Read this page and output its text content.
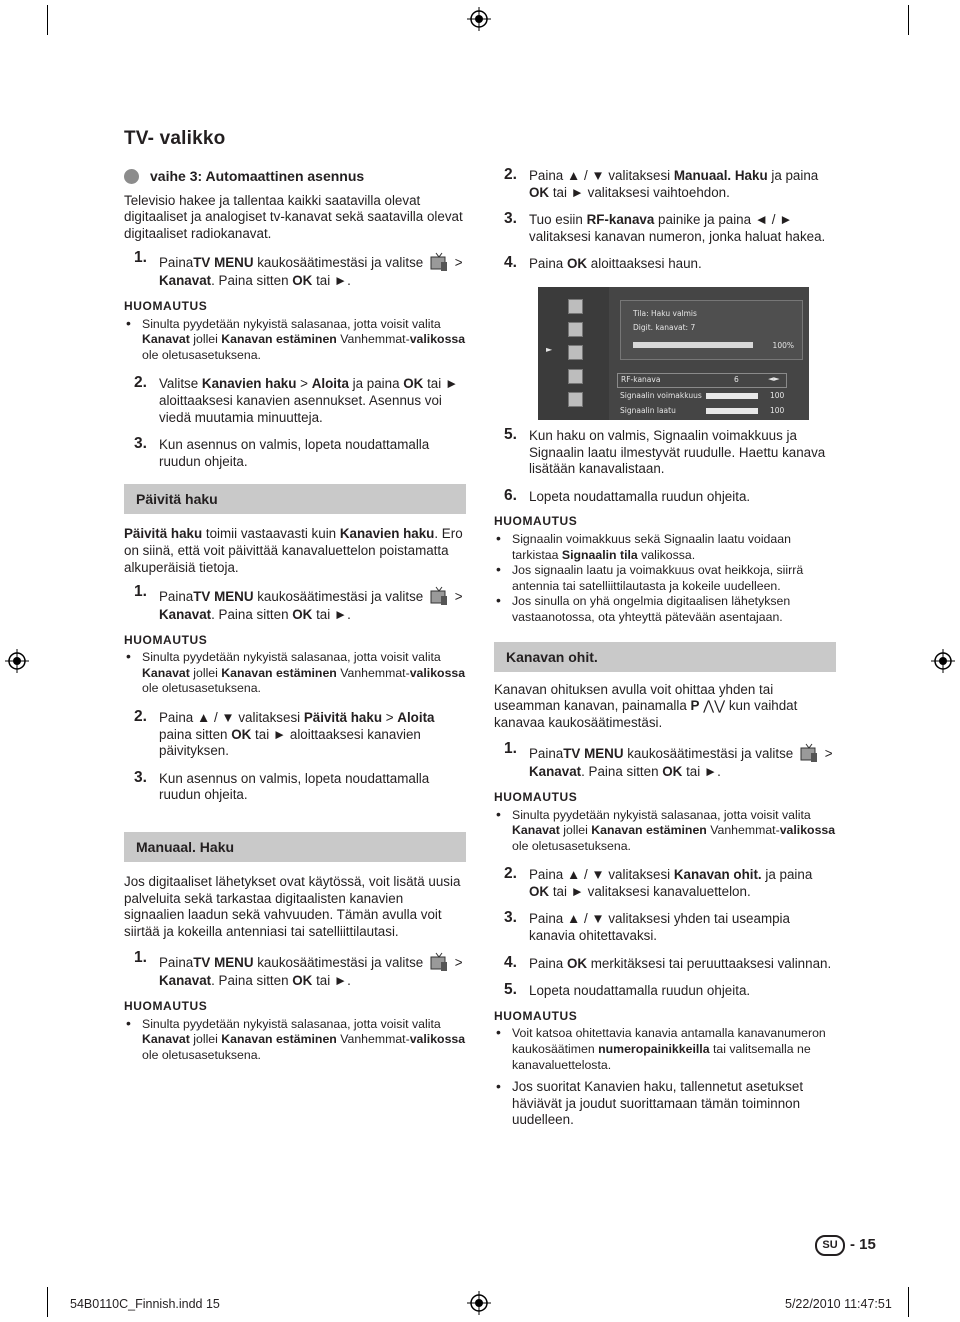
TV- valikko

vaihe 3: Automaattinen asennus

Televisio hakee ja tallentaa kaikki saatavilla olevat digitaaliset ja analogiset tv-kanavat sekä saatavilla olevat digitaaliset radiokanavat.

1. PainaTV MENU kaukosäätimestäsi ja valitse >
Kanavat. Paina sitten OK tai ►.

HUOMAUTUS

• Sinulta pyydetään nykyistä salasanaa, jotta voisit valita Kanavat jollei Kanavan estäminen Vanhemmat-valikossa ole oletusasetuksena.

2. Valitse Kanavien haku > Aloita ja paina OK tai ► aloittaaksesi kanavien asennukset. Asennus voi viedä muutamia minuutteja.

3. Kun asennus on valmis, lopeta noudattamalla ruudun ohjeita.

Päivitä haku

Päivitä haku toimii vastaavasti kuin Kanavien haku. Ero on siinä, että voit päivittää kanavaluettelon poistamatta alkuperäisiä tietoja.

1. PainaTV MENU kaukosäätimestäsi ja valitse >
Kanavat. Paina sitten OK tai ►.

HUOMAUTUS

• Sinulta pyydetään nykyistä salasanaa, jotta voisit valita Kanavat jollei Kanavan estäminen Vanhemmat-valikossa ole oletusasetuksena.

2. Paina ▲ / ▼ valitaksesi Päivitä haku > Aloita paina sitten OK tai ► aloittaaksesi kanavien päivityksen.

3. Kun asennus on valmis, lopeta noudattamalla ruudun ohjeita.

Manuaal. Haku

Jos digitaaliset lähetykset ovat käytössä, voit lisätä uusia palveluita sekä tarkastaa digitaalisten kanavien signaalien laadun sekä vahvuuden. Tämän avulla voit siirtää ja kokeilla antenniasi tai satelliittilautasi.

1. PainaTV MENU kaukosäätimestäsi ja valitse >
Kanavat. Paina sitten OK tai ►.

HUOMAUTUS

• Sinulta pyydetään nykyistä salasanaa, jotta voisit valita Kanavat jollei Kanavan estäminen Vanhemmat-valikossa ole oletusasetuksena.

2. Paina ▲ / ▼ valitaksesi Manuaal. Haku ja paina OK tai ► valitaksesi vaihtoehdon.

3. Tuo esiin RF-kanava painike ja paina ◄ / ► valitaksesi kanavan numeron, jonka haluat hakea.

4. Paina OK aloittaaksesi haun.

►
Tila: Haku valmis
Digit. kanavat: 7
100%
RF-kanava	6	◄►
Signaalin voimakkuus	100
Signaalin laatu	100

5. Kun haku on valmis, Signaalin voimakkuus ja Signaalin laatu ilmestyvät ruudulle. Haettu kanava lisätään kanavalistaan.

6. Lopeta noudattamalla ruudun ohjeita.

HUOMAUTUS

• Signaalin voimakkuus sekä Signaalin laatu voidaan tarkistaa Signaalin tila valikossa.

• Jos signaalin laatu ja voimakkuus ovat heikkoja, siirrä antennia tai satelliittilautasta ja kokeile uudelleen.

• Jos sinulla on yhä ongelmia digitaalisen lähetyksen vastaanotossa, ota yhteyttä pätevään asentajaan.

Kanavan ohit.

Kanavan ohituksen avulla voit ohittaa yhden tai useamman kanavan, painamalla P ⋀⋁ kun vaihdat kanavaa kaukosäätimestäsi.

1. PainaTV MENU kaukosäätimestäsi ja valitse >
Kanavat. Paina sitten OK tai ►.

HUOMAUTUS

• Sinulta pyydetään nykyistä salasanaa, jotta voisit valita Kanavat jollei Kanavan estäminen Vanhemmat-valikossa ole oletusasetuksena.

2. Paina ▲ / ▼ valitaksesi Kanavan ohit. ja paina OK tai ► valitaksesi kanavaluettelon.

3. Paina ▲ / ▼ valitaksesi yhden tai useampia kanavia ohitettavaksi.

4. Paina OK merkitäksesi tai peruuttaaksesi valinnan.

5. Lopeta noudattamalla ruudun ohjeita.

HUOMAUTUS

• Voit katsoa ohitettavia kanavia antamalla kanavanumeron kaukosäätimen numeropainikkeilla tai valitsemalla ne kanavaluettelosta.

• Jos suoritat Kanavien haku, tallennetut asetukset häviävät ja joudut suorittamaan tämän toiminnon uudelleen.

SU - 15
54B0110C_Finnish.indd 15	5/22/2010 11:47:51
